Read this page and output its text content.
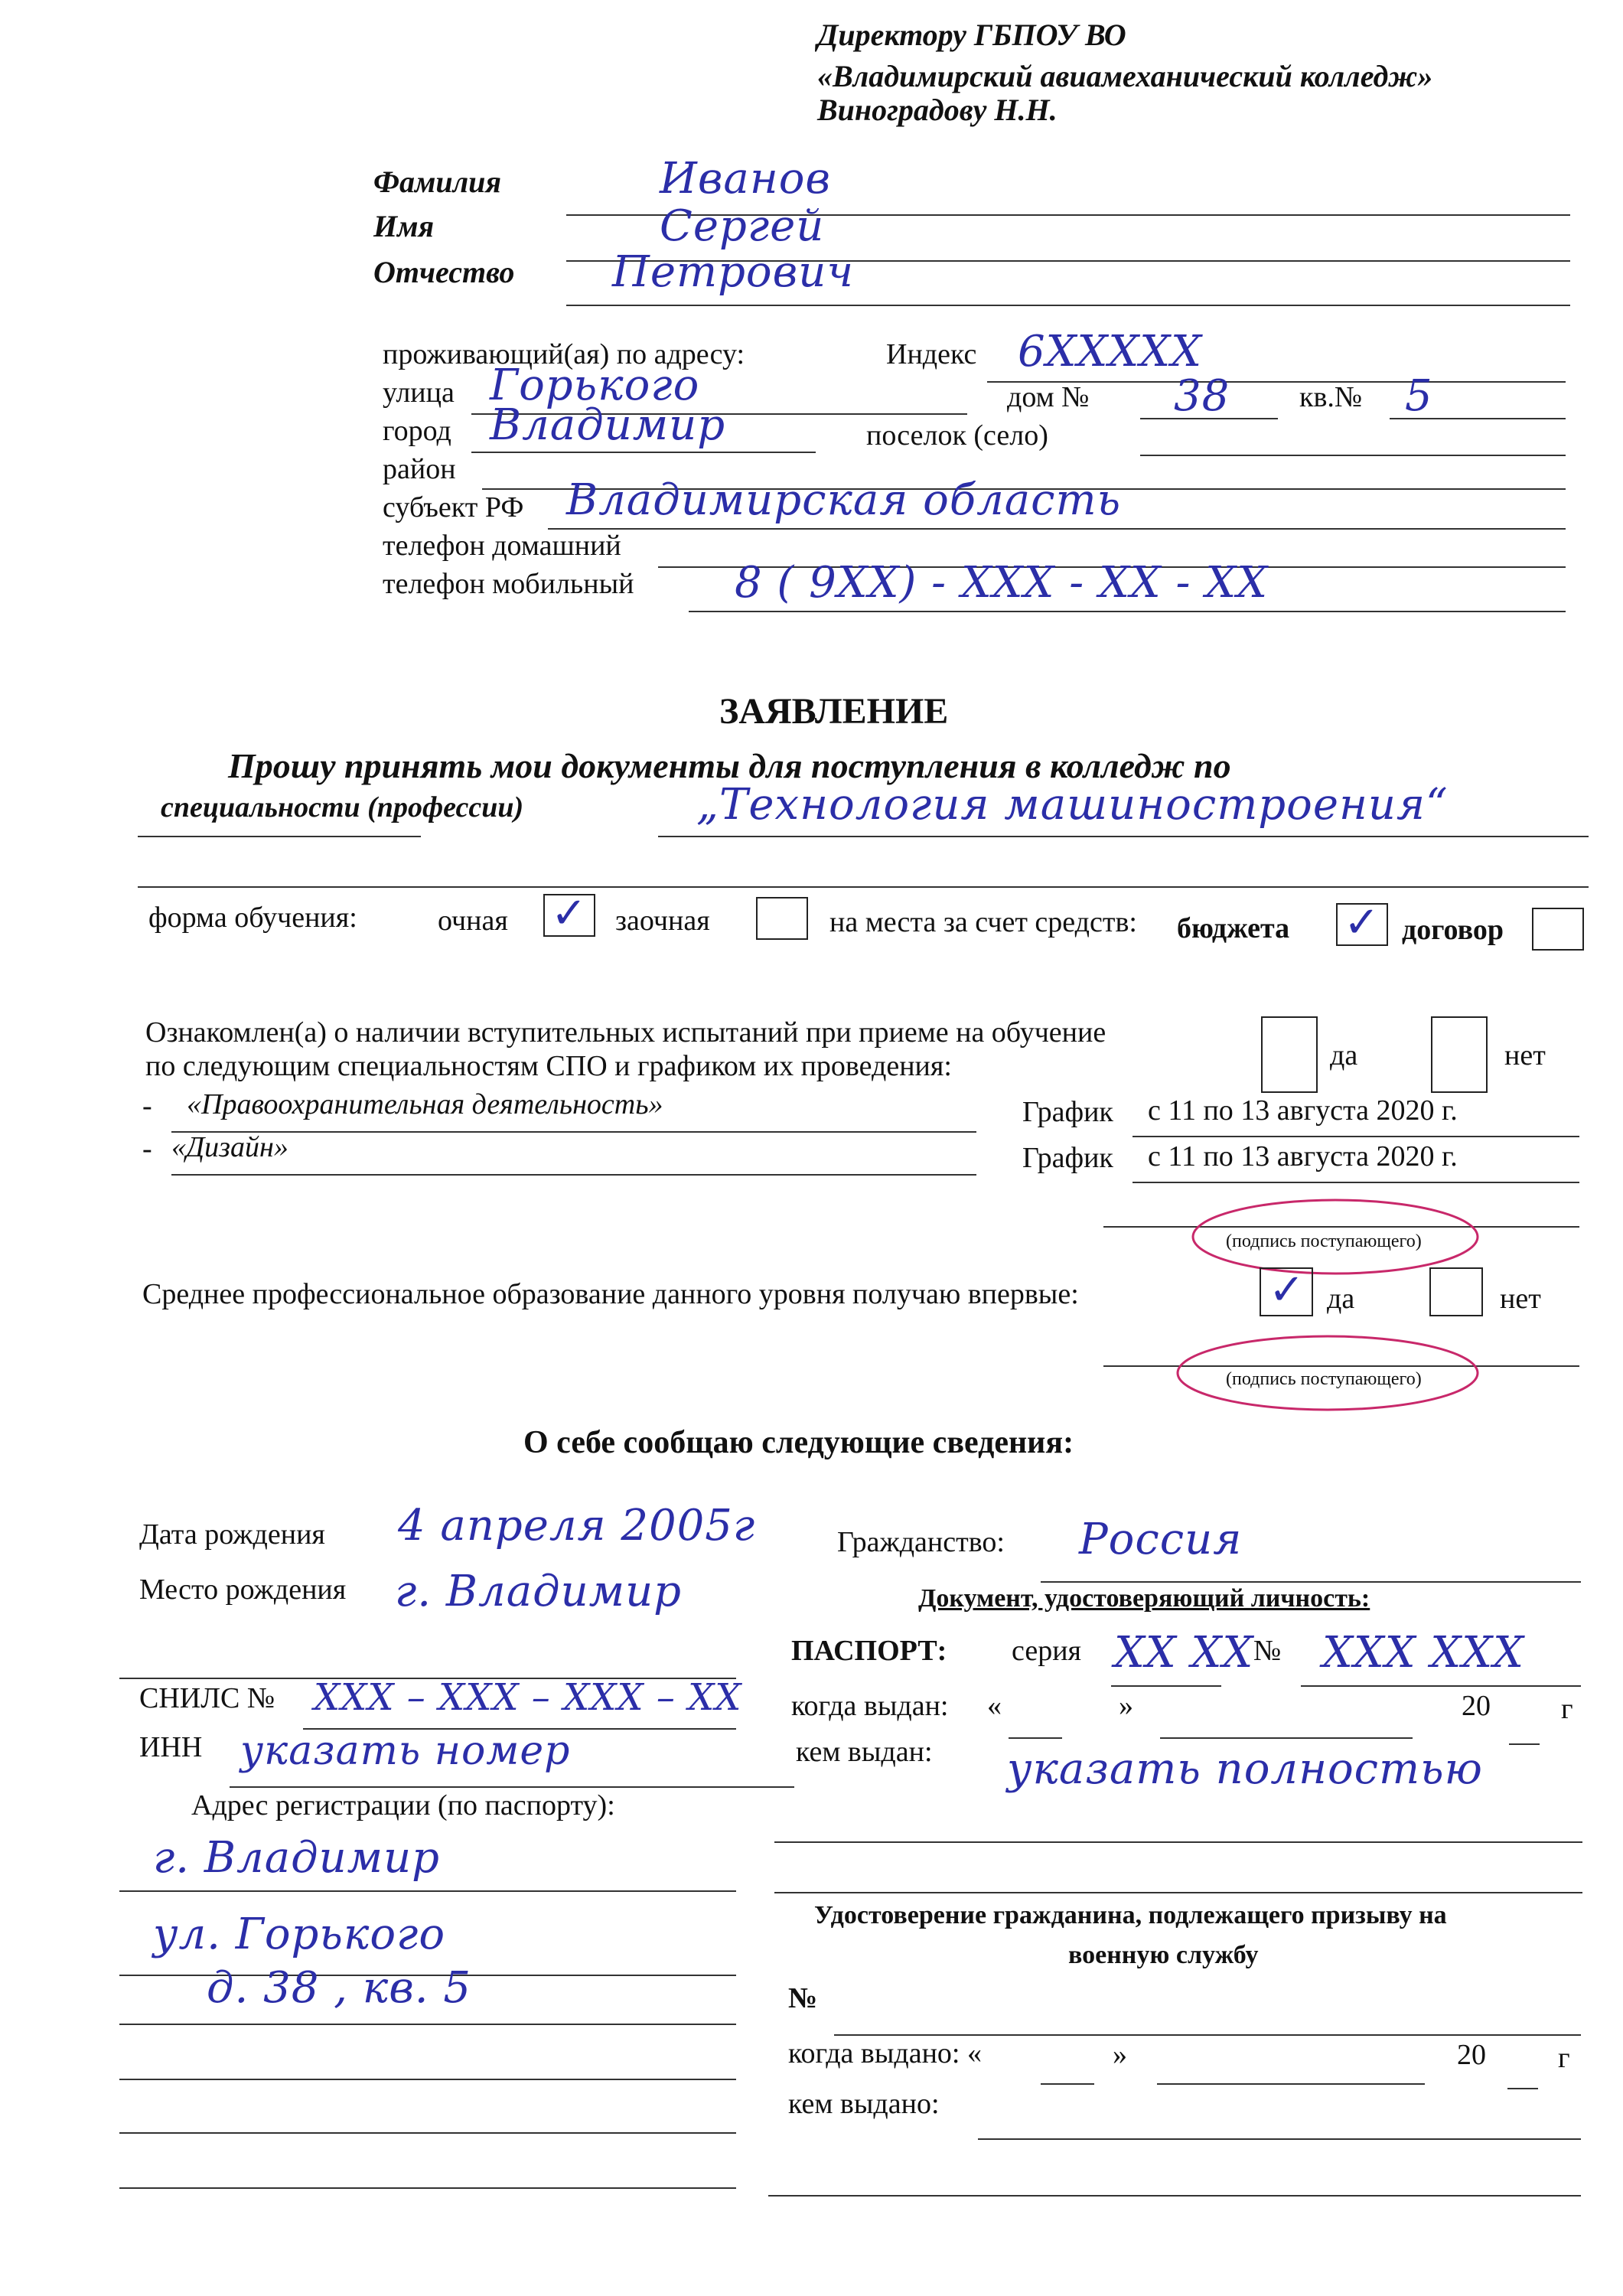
Директору ГБПОУ ВО
«Владимирский авиамеханический колледж»
Виноградову Н.Н.
Фамилия	Иванов
Имя	Сергей
Отчество Петрович
проживающий(ая) по адресу:	Индекс 6ХХХХХ
улица Горького	дом № 38 кв.№ 5
город Владимир	поселок (село)
район
субъект РФ Владимирская область
телефон домашний
телефон мобильный 8 ( 9ХХ) - ХХХ - ХХ - ХХ
ЗАЯВЛЕНИЕ
Прошу принять мои документы для поступления в колледж по
специальности (профессии)	„Технология машиностроения“
форма обучения:	очная ✓ заочная	на места за счет средств: бюджета ✓ договор
Ознакомлен(а) о наличии вступительных испытаний при приеме на обучение
по следующим специальностям СПО и графиком их проведения:	да	нет
- «Правоохранительная деятельность»	График с 11 по 13 августа 2020 г.
- «Дизайн»	График с 11 по 13 августа 2020 г.
(подпись поступающего)
Среднее профессиональное образование данного уровня получаю впервые:	✓ да	нет
(подпись поступающего)
О себе сообщаю следующие сведения:
Дата рождения 4 апреля 2005г
Место рождения г. Владимир
Гражданство: Россия
Документ, удостоверяющий личность:
ПАСПОРТ: серия ХХ ХХ № ХХХ ХХХ
СНИЛС № ХХХ – ХХХ – ХХХ – ХХ когда выдан: «	»	20 г
ИНН указать номер	кем выдан: указать полностью
Адрес регистрации (по паспорту):
г. Владимир
ул. Горького
д. 38 , кв. 5
Удостоверение гражданина, подлежащего призыву на
военную службу
№
когда выдано: «	»	20 г
кем выдано:
